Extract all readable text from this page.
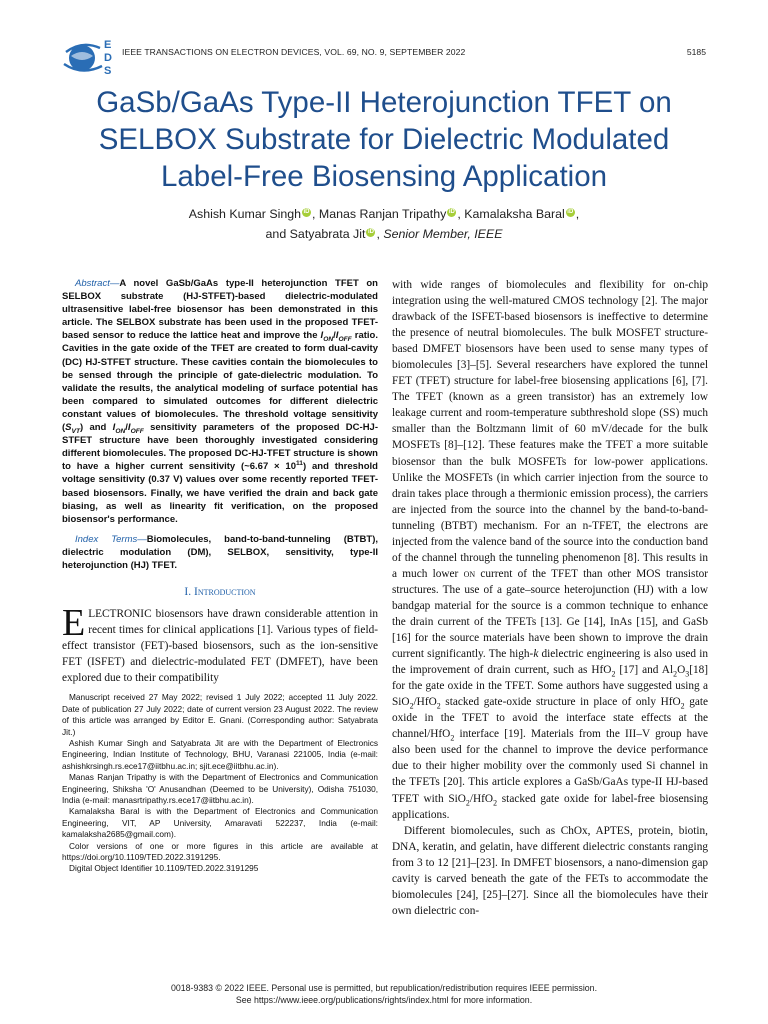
E
D
S
IEEE TRANSACTIONS ON ELECTRON DEVICES, VOL. 69, NO. 9, SEPTEMBER 2022	5185
GaSb/GaAs Type-II Heterojunction TFET on
SELBOX Substrate for Dielectric Modulated
Label-Free Biosensing Application
Ashish Kumar Singh iD , Manas Ranjan Tripathy iD , Kamalaksha Baral iD ,
and Satyabrata Jit iD , Senior Member, IEEE

Abstract—A novel GaSb/GaAs type-II heterojunction TFET on SELBOX substrate (HJ-STFET)-based dielectric-modulated ultrasensitive label-free biosensor has been demonstrated in this article. The SELBOX substrate has been used in the proposed TFET-based sensor to reduce the lattice heat and improve the $I_{ON}/I_{OFF}$ ratio. Cavities in the gate oxide of the TFET are created to form dual-cavity (DC) HJ-STFET structure. These cavities contain the biomolecules to be sensed through the principle of gate-dielectric modulation. To validate the results, the analytical modeling of surface potential has been compared to simulated outcomes for different dielectric constant values of biomolecules. The threshold voltage sensitivity $(S_{VT})$ and $I_{ON}/I_{OFF}$ sensitivity parameters of the proposed DC-HJ-STFET structure have been thoroughly investigated considering different biomolecules. The proposed DC-HJ-TFET structure is shown to have a higher current sensitivity (~6.67 × $10^{11}$) and threshold voltage sensitivity (0.37 V) values over some recently reported TFET-based biosensors. Finally, we have verified the drain and back gate biasing, as well as linearity fit verification, on the proposed biosensor's performance.

Index Terms—Biomolecules, band-to-band-tunneling (BTBT), dielectric modulation (DM), SELBOX, sensitivity, type-II heterojunction (HJ) TFET.

I. Introduction

ELECTRONIC biosensors have drawn considerable attention in recent times for clinical applications [1]. Various types of field-effect transistor (FET)-based biosensors, such as the ion-sensitive FET (ISFET) and dielectric-modulated FET (DMFET), have been explored due to their compatibility

Manuscript received 27 May 2022; revised 1 July 2022; accepted 11 July 2022. Date of publication 27 July 2022; date of current version 23 August 2022. The review of this article was arranged by Editor E. Gnani. (Corresponding author: Satyabrata Jit.)

Ashish Kumar Singh and Satyabrata Jit are with the Department of Electronics Engineering, Indian Institute of Technology, BHU, Varanasi 221005, India (e-mail: ashishkrsingh.rs.ece17@iitbhu.ac.in; sjit.ece@iitbhu.ac.in).

Manas Ranjan Tripathy is with the Department of Electronics and Communication Engineering, Shiksha 'O' Anusandhan (Deemed to be University), Odisha 751030, India (e-mail: manasrtripathy.rs.ece17@iitbhu.ac.in).

Kamalaksha Baral is with the Department of Electronics and Communication Engineering, VIT, AP University, Amaravati 522237, India (e-mail: kamalaksha2685@gmail.com).

Color versions of one or more figures in this article are available at https://doi.org/10.1109/TED.2022.3191295.

Digital Object Identifier 10.1109/TED.2022.3191295

with wide ranges of biomolecules and flexibility for on-chip integration using the well-matured CMOS technology [2]. The major drawback of the ISFET-based biosensors is ineffective to determine the presence of neutral biomolecules. The bulk MOSFET structure-based DMFET biosensors have been used to sense many types of biomolecules [3]–[5]. Several researchers have explored the tunnel FET (TFET) structure for label-free biosensing applications [6], [7]. The TFET (known as a green transistor) has an extremely low leakage current and room-temperature subthreshold slope (SS) much smaller than the Boltzmann limit of 60 mV/decade for the bulk MOSFETs [8]–[12]. These features make the TFET a more suitable biosensor than the bulk MOSFETs for low-power applications. Unlike the MOSFETs (in which carrier injection from the source to drain takes place through a thermionic emission process), the carriers are injected from the source into the channel by the band-to-band-tunneling (BTBT) mechanism. For an n-TFET, the electrons are injected from the valence band of the source into the conduction band of the channel through the tunneling phenomenon [8]. This results in a much lower on current of the TFET than other MOS transistor structures. The use of a gate–source heterojunction (HJ) with a low bandgap material for the source is a common technique to enhance the drain current of the TFETs [13]. Ge [14], InAs [15], and GaSb [16] for the source materials have been shown to improve the drain current significantly. The high-k dielectric engineering is also used in the improvement of drain current, such as HfO$_2$ [17] and $Al_2O_3[18]$ for the gate oxide in the TFET. Some authors have suggested using a SiO$_2$/HfO$_2$ stacked gate-oxide structure in place of only HfO$_2$ gate oxide in the TFET to avoid the interface state effects at the channel/HfO$_2$ interface [19]. Materials from the III–V group have also been used for the channel to improve the device performance due to their higher mobility over the commonly used Si channel in the TFETs [20]. This article explores a GaSb/GaAs type-II HJ-based TFET with SiO$_2$/HfO$_2$ stacked gate oxide for label-free biosensing applications.

Different biomolecules, such as ChOx, APTES, protein, biotin, DNA, keratin, and gelatin, have different dielectric constants ranging from 3 to 12 [21]–[23]. In DMFET biosensors, a nano-dimension gap cavity is carved beneath the gate of the FETs to accommodate the biomolecules [24], [25]–[27]. Since all the biomolecules have their own dielectric con-

0018-9383 © 2022 IEEE. Personal use is permitted, but republication/redistribution requires IEEE permission.
See https://www.ieee.org/publications/rights/index.html for more information.
